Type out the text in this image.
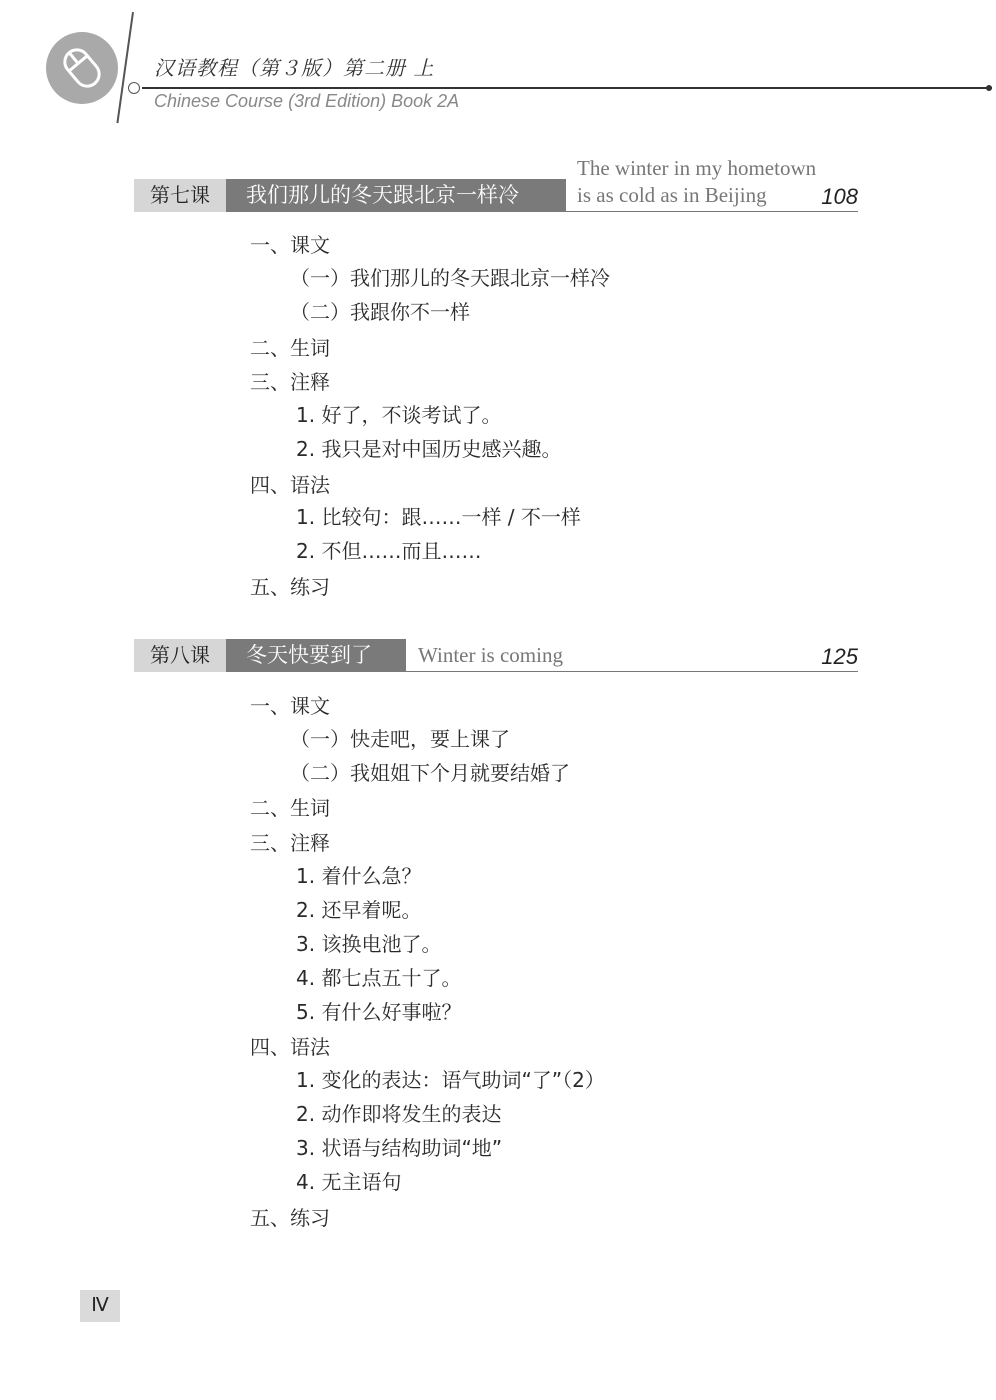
汉语教程（第３版）第二册 上
Chinese Course (3rd Edition) Book 2A
第七课	我们那儿的冬天跟北京一样冷
The winter in my hometown
is as cold as in Beijing 108
一、课文
（一）我们那儿的冬天跟北京一样冷
（二）我跟你不一样
二、生词
三、注释
1. 好了，不谈考试了。
2. 我只是对中国历史感兴趣。
四、语法
1. 比较句：跟……一样 / 不一样
2. 不但……而且……
五、练习
第八课	冬天快要到了	Winter is coming	125
一、课文
（一）快走吧，要上课了
（二）我姐姐下个月就要结婚了
二、生词
三、注释
1. 着什么急？
2. 还早着呢。
3. 该换电池了。
4. 都七点五十了。
5. 有什么好事啦？
四、语法
1. 变化的表达：语气助词“了”（2）
2. 动作即将发生的表达
3. 状语与结构助词“地”
4. 无主语句
五、练习
Ⅳ
